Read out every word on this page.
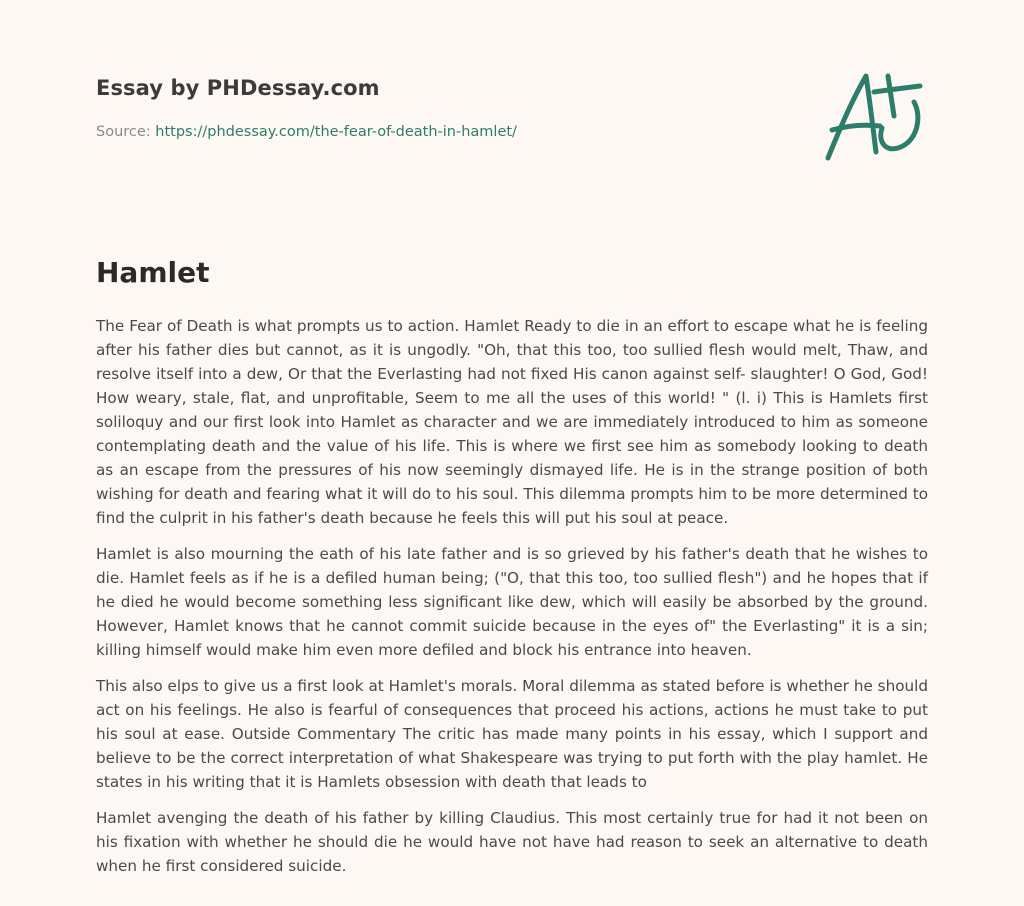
Essay by PHDessay.com
Source: https://phdessay.com/the-fear-of-death-in-hamlet/
Hamlet

The Fear of Death is what prompts us to action. Hamlet Ready to die in an effort to escape what he is feeling after his father dies but cannot, as it is ungodly. "Oh, that this too, too sullied flesh would melt, Thaw, and resolve itself into a dew, Or that the Everlasting had not fixed His canon against self- slaughter! O God, God! How weary, stale, flat, and unprofitable, Seem to me all the uses of this world! " (l. i) This is Hamlets first soliloquy and our first look into Hamlet as character and we are immediately introduced to him as someone contemplating death and the value of his life. This is where we first see him as somebody looking to death as an escape from the pressures of his now seemingly dismayed life. He is in the strange position of both wishing for death and fearing what it will do to his soul. This dilemma prompts him to be more determined to find the culprit in his father's death because he feels this will put his soul at peace.

Hamlet is also mourning the eath of his late father and is so grieved by his father's death that he wishes to die. Hamlet feels as if he is a defiled human being; ("O, that this too, too sullied flesh") and he hopes that if he died he would become something less significant like dew, which will easily be absorbed by the ground. However, Hamlet knows that he cannot commit suicide because in the eyes of" the Everlasting" it is a sin; killing himself would make him even more defiled and block his entrance into heaven.

This also elps to give us a first look at Hamlet's morals. Moral dilemma as stated before is whether he should act on his feelings. He also is fearful of consequences that proceed his actions, actions he must take to put his soul at ease. Outside Commentary The critic has made many points in his essay, which I support and believe to be the correct interpretation of what Shakespeare was trying to put forth with the play hamlet. He states in his writing that it is Hamlets obsession with death that leads to

Hamlet avenging the death of his father by killing Claudius. This most certainly true for had it not been on his fixation with whether he should die he would have not have had reason to seek an alternative to death when he first considered suicide.
